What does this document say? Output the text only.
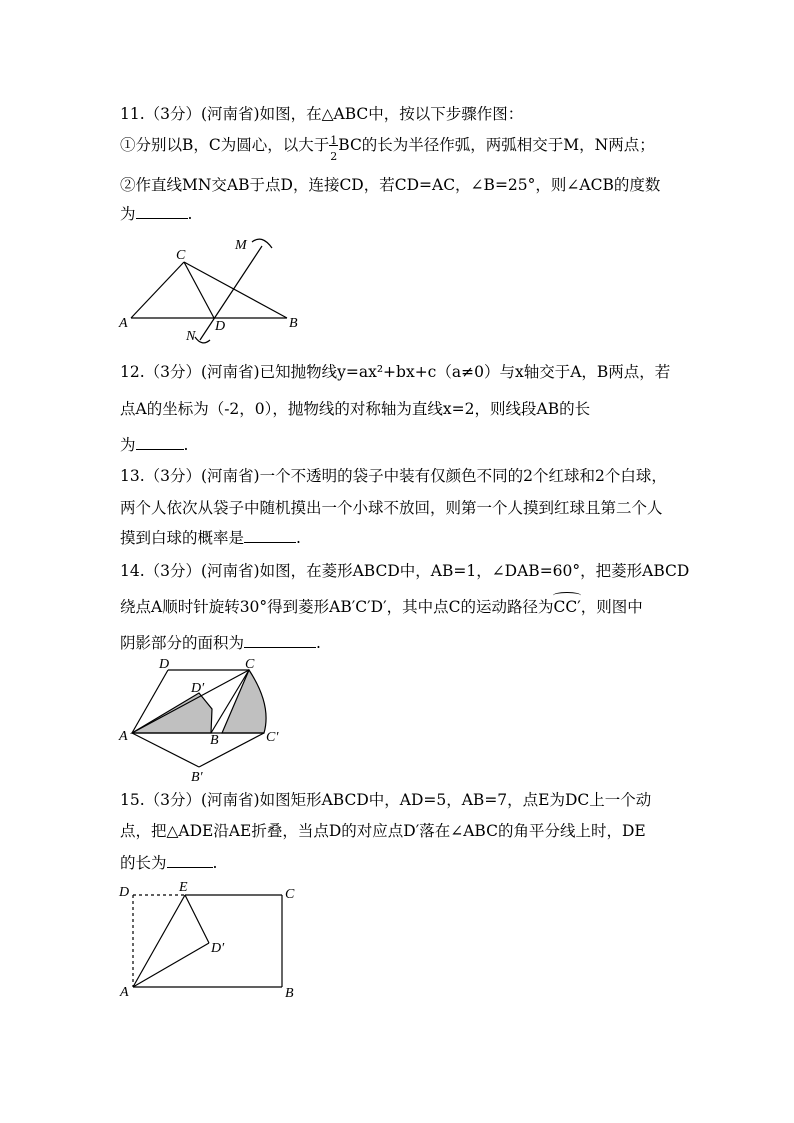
11.（3分）(河南省)如图，在△ABC中，按以下步骤作图：
①分别以B，C为圆心，以大于 1
2
BC的长为半径作弧，两弧相交于M，N两点；
②作直线MN交AB于点D，连接CD，若CD=AC，∠B=25°，则∠ACB的度数
为	.
C
A	D	B
M
N
12.（3分）(河南省)已知抛物线y=ax²+bx+c（a≠0）与x轴交于A，B两点，若
点A的坐标为（-2，0），抛物线的对称轴为直线x=2，则线段AB的长
为	.
13.（3分）(河南省)一个不透明的袋子中装有仅颜色不同的2个红球和2个白球，
两个人依次从袋子中随机摸出一个小球不放回，则第一个人摸到红球且第二个人
摸到白球的概率是	.
14.（3分）(河南省)如图，在菱形ABCD中，AB=1，∠DAB=60°，把菱形ABCD
绕点A顺时针旋转30°得到菱形AB′C′D′，其中点C的运动路径为CC′，则图中
阴影部分的面积为	.
D	C
D′
A	B	C′
B′
15.（3分）(河南省)如图矩形ABCD中，AD=5，AB=7，点E为DC上一个动
点，把△ADE沿AE折叠，当点D的对应点D′落在∠ABC的角平分线上时，DE
的长为	.
D	E	C
D′
A	B
